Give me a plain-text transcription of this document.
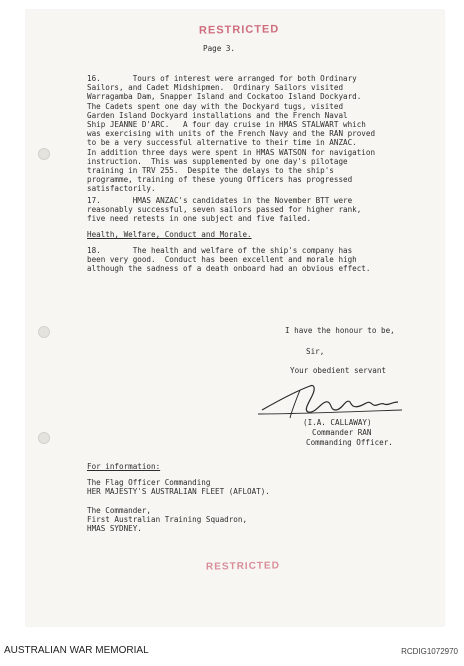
RESTRICTED
Page 3.
16.       Tours of interest were arranged for both Ordinary
Sailors, and Cadet Midshipmen.  Ordinary Sailors visited
Warragamba Dam, Snapper Island and Cockatoo Island Dockyard.
The Cadets spent one day with the Dockyard tugs, visited
Garden Island Dockyard installations and the French Naval
Ship JEANNE D'ARC.   A four day cruise in HMAS STALWART which
was exercising with units of the French Navy and the RAN proved
to be a very successful alternative to their time in ANZAC.
In addition three days were spent in HMAS WATSON for navigation
instruction.  This was supplemented by one day's pilotage
training in TRV 255.  Despite the delays to the ship's
programme, training of these young Officers has progressed
satisfactorily.
17.       HMAS ANZAC's candidates in the November BTT were
reasonably successful, seven sailors passed for higher rank,
five need retests in one subject and five failed.
Health, Welfare, Conduct and Morale.
18.       The health and welfare of the ship's company has
been very good.  Conduct has been excellent and morale high
although the sadness of a death onboard had an obvious effect.
I have the honour to be,
Sir,
Your obedient servant
(I.A. CALLAWAY)
Commander RAN
Commanding Officer.
For information:
The Flag Officer Commanding
HER MAJESTY'S AUSTRALIAN FLEET (AFLOAT).
The Commander,
First Australian Training Squadron,
HMAS SYDNEY.
RESTRICTED
AUSTRALIAN WAR MEMORIAL	RCDIG1072970
